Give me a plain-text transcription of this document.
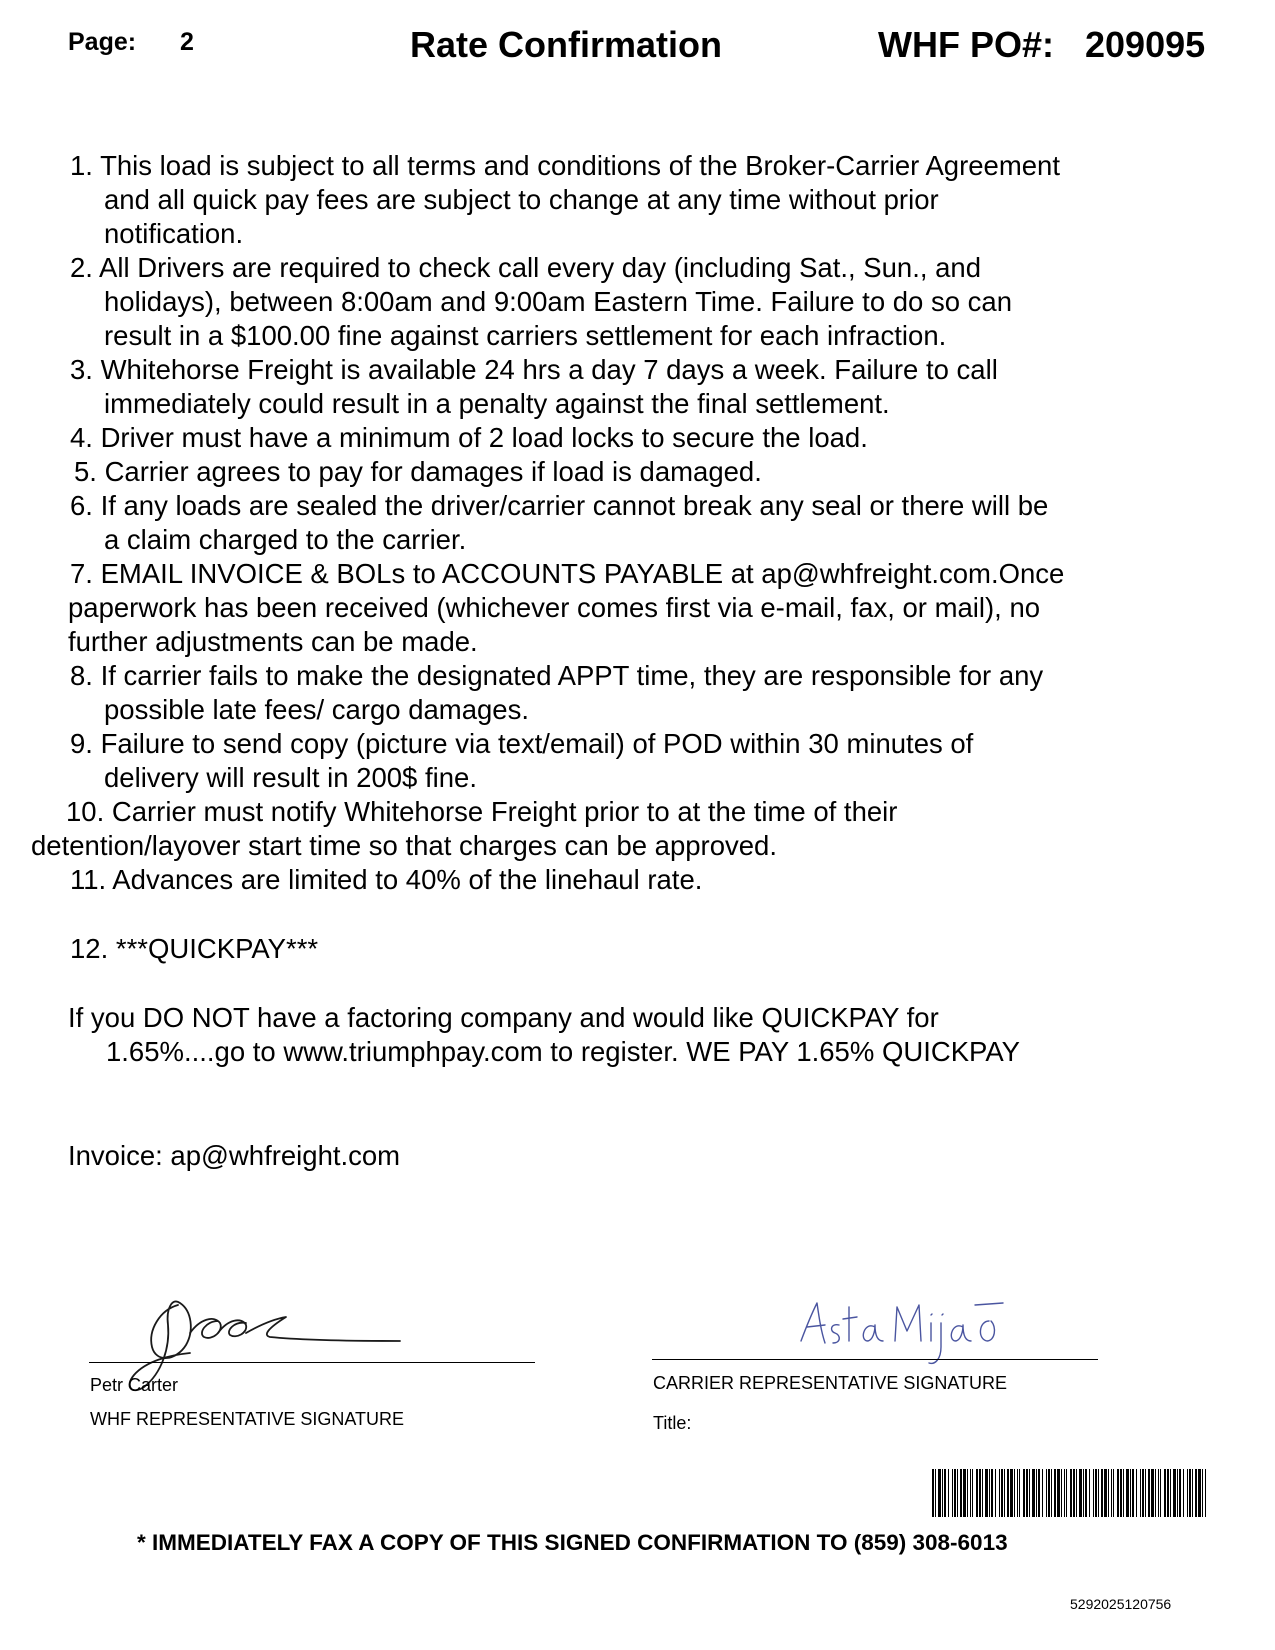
Page: 2	Rate Confirmation	WHF PO#: 209095
1. This load is subject to all terms and conditions of the Broker-Carrier Agreement
and all quick pay fees are subject to change at any time without prior
notification.
2. All Drivers are required to check call every day (including Sat., Sun., and
holidays), between 8:00am and 9:00am Eastern Time. Failure to do so can
result in a $100.00 fine against carriers settlement for each infraction.
3. Whitehorse Freight is available 24 hrs a day 7 days a week. Failure to call
immediately could result in a penalty against the final settlement.
4. Driver must have a minimum of 2 load locks to secure the load.
5. Carrier agrees to pay for damages if load is damaged.
6. If any loads are sealed the driver/carrier cannot break any seal or there will be
a claim charged to the carrier.
7. EMAIL INVOICE & BOLs to ACCOUNTS PAYABLE at ap@whfreight.com.Once
paperwork has been received (whichever comes first via e-mail, fax, or mail), no
further adjustments can be made.
8. If carrier fails to make the designated APPT time, they are responsible for any
possible late fees/ cargo damages.
9. Failure to send copy (picture via text/email) of POD within 30 minutes of
delivery will result in 200$ fine.
10. Carrier must notify Whitehorse Freight prior to at the time of their
detention/layover start time so that charges can be approved.
11. Advances are limited to 40% of the linehaul rate.
12. ***QUICKPAY***
If you DO NOT have a factoring company and would like QUICKPAY for
1.65%....go to www.triumphpay.com to register. WE PAY 1.65% QUICKPAY
Invoice: ap@whfreight.com
Petr Carter
WHF REPRESENTATIVE SIGNATURE
CARRIER REPRESENTATIVE SIGNATURE
Title:
* IMMEDIATELY FAX A COPY OF THIS SIGNED CONFIRMATION TO (859) 308-6013
5292025120756
